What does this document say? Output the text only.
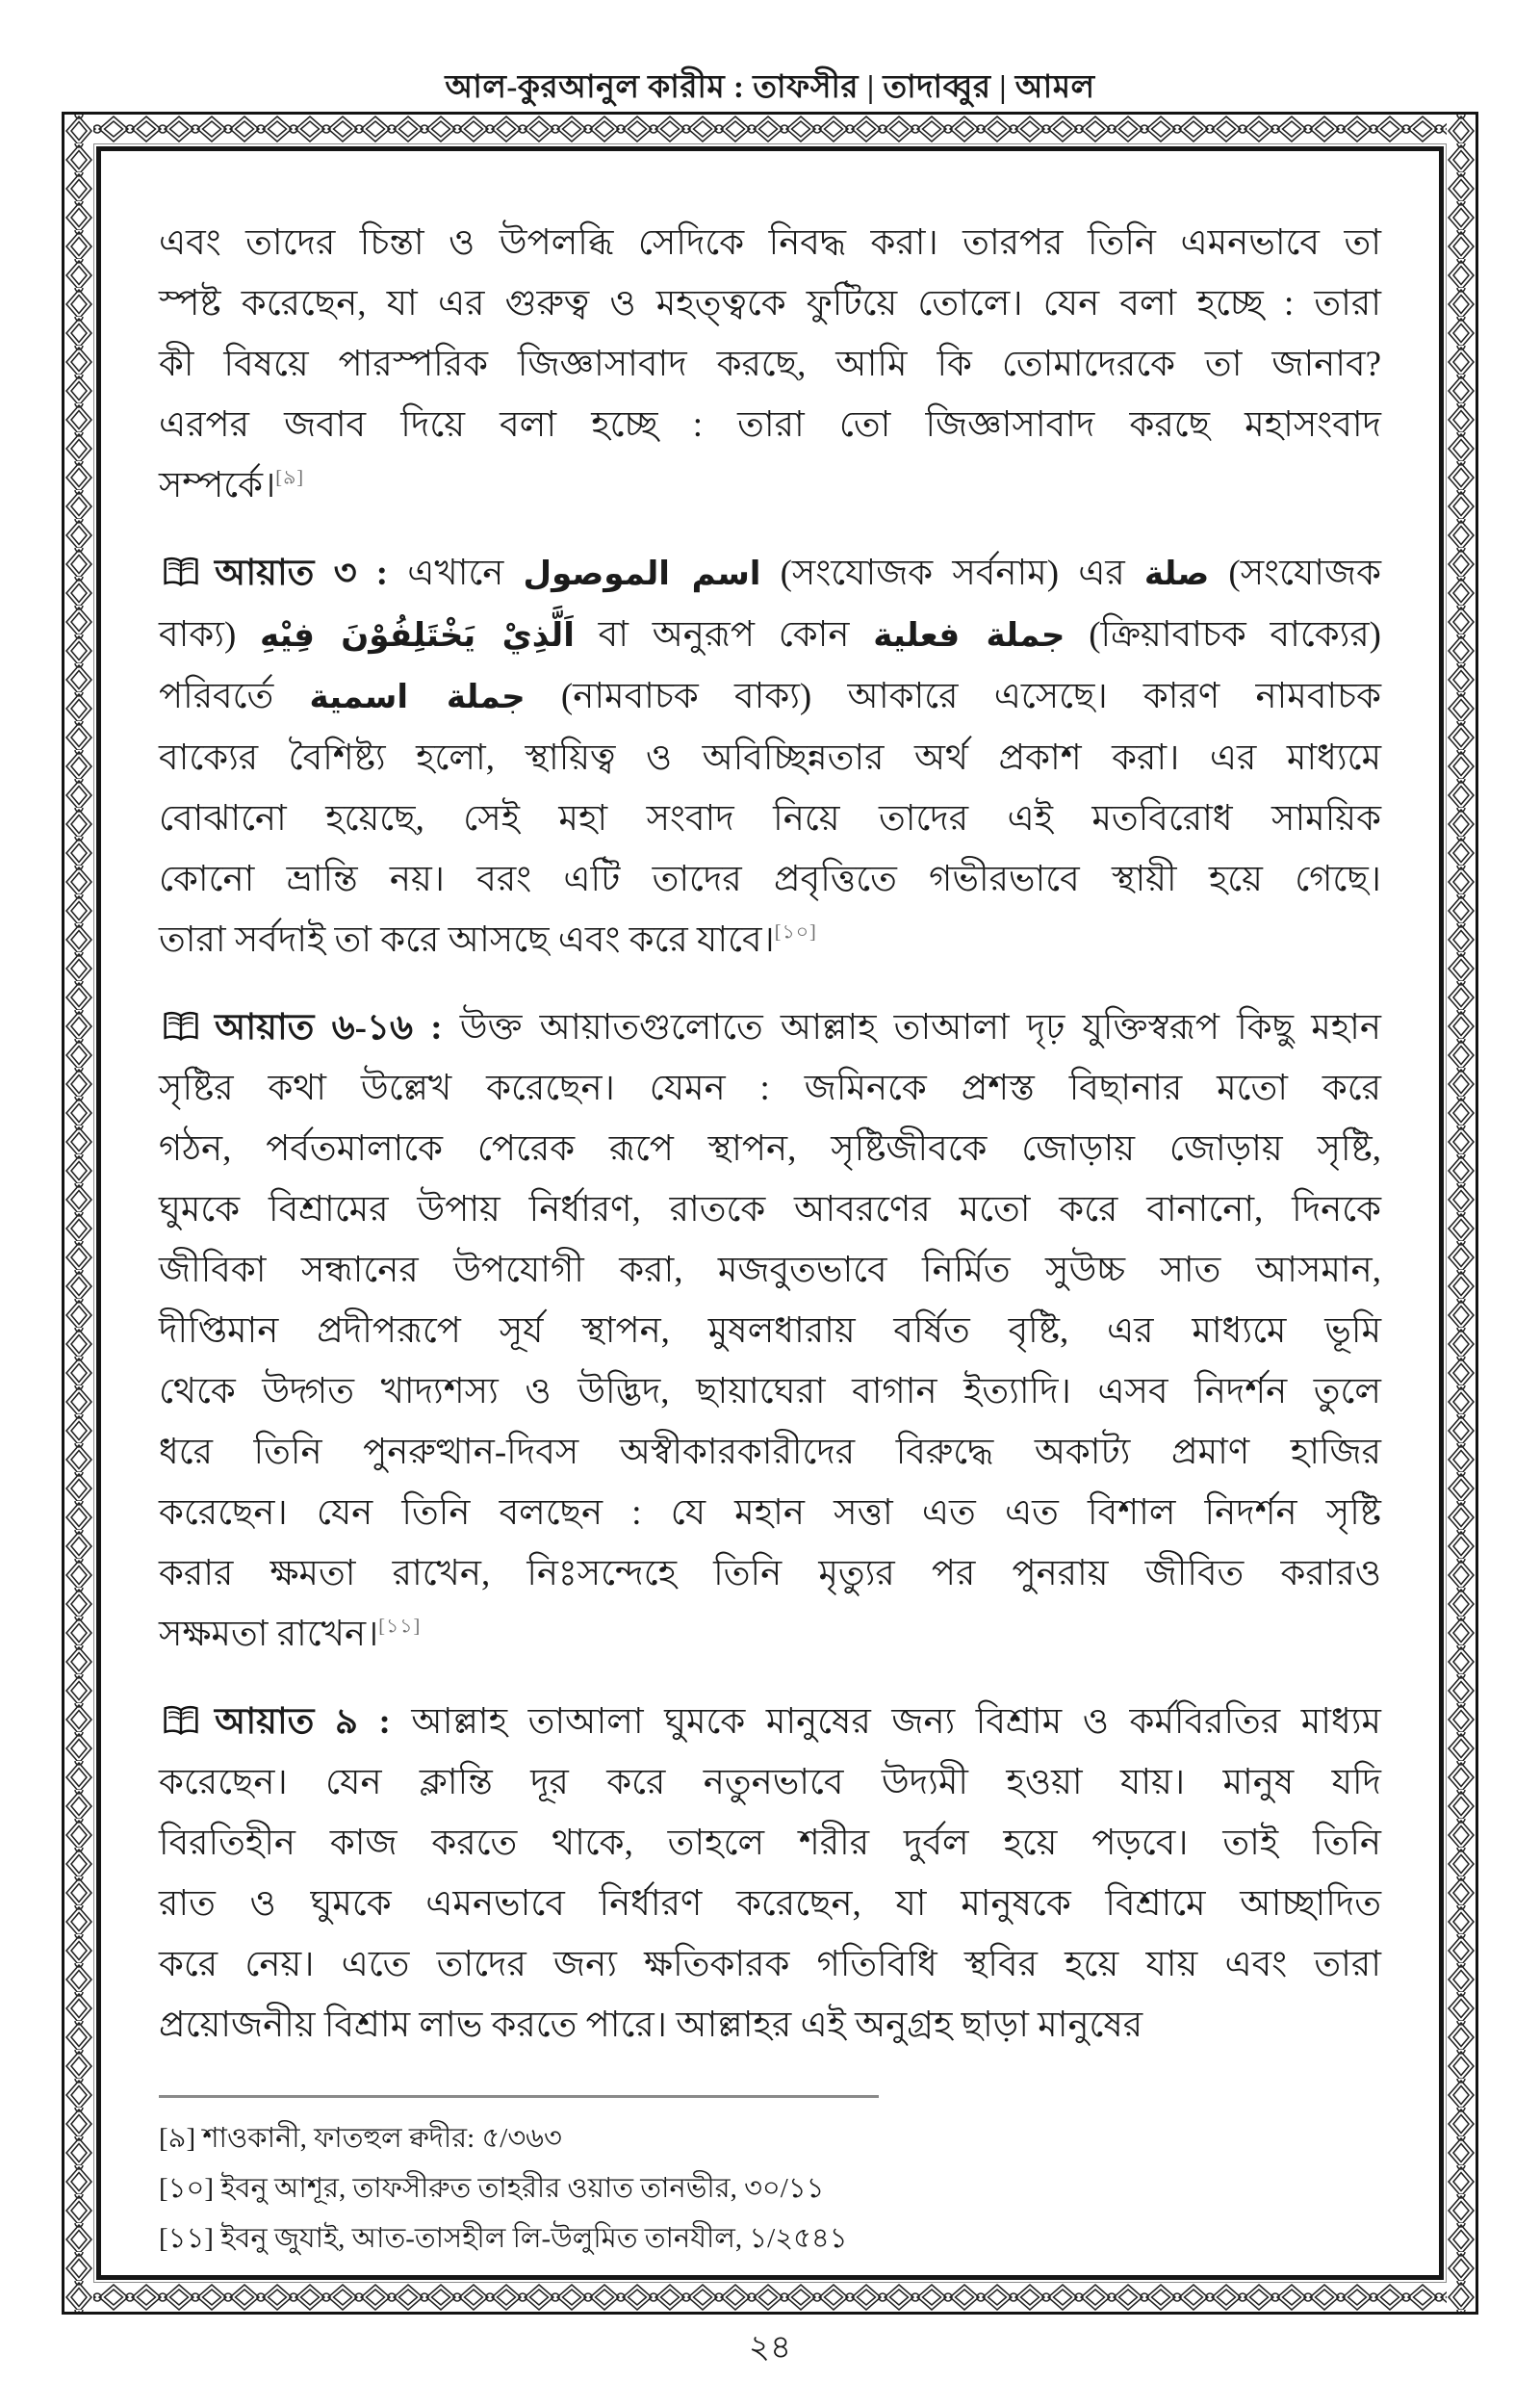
আল-কুরআনুল কারীম : তাফসীর | তাদাব্বুর | আমল
এবং তাদের চিন্তা ও উপলব্ধি সেদিকে নিবদ্ধ করা। তারপর তিনি এমনভাবে তা
স্পষ্ট করেছেন, যা এর গুরুত্ব ও মহত্ত্বকে ফুটিয়ে তোলে। যেন বলা হচ্ছে : তারা
কী বিষয়ে পারস্পরিক জিজ্ঞাসাবাদ করছে, আমি কি তোমাদেরকে তা জানাব?
এরপর জবাব দিয়ে বলা হচ্ছে : তারা তো জিজ্ঞাসাবাদ করছে মহাসংবাদ
সম্পর্কে।[৯]
আয়াত ৩ : এখানে اسم الموصول (সংযোজক সর্বনাম) এর صلة (সংযোজক
বাক্য) اَلَّذِيْ يَخْتَلِفُوْنَ فِيْهِ বা অনুরূপ কোন جملة فعلية (ক্রিয়াবাচক বাক্যের)
পরিবর্তে جملة اسمية (নামবাচক বাক্য) আকারে এসেছে। কারণ নামবাচক
বাক্যের বৈশিষ্ট্য হলো, স্থায়িত্ব ও অবিচ্ছিন্নতার অর্থ প্রকাশ করা। এর মাধ্যমে
বোঝানো হয়েছে, সেই মহা সংবাদ নিয়ে তাদের এই মতবিরোধ সাময়িক
কোনো ভ্রান্তি নয়। বরং এটি তাদের প্রবৃত্তিতে গভীরভাবে স্থায়ী হয়ে গেছে।
তারা সর্বদাই তা করে আসছে এবং করে যাবে।[১০]
আয়াত ৬-১৬ : উক্ত আয়াতগুলোতে আল্লাহ তাআলা দৃঢ় যুক্তিস্বরূপ কিছু মহান
সৃষ্টির কথা উল্লেখ করেছেন। যেমন : জমিনকে প্রশস্ত বিছানার মতো করে
গঠন, পর্বতমালাকে পেরেক রূপে স্থাপন, সৃষ্টিজীবকে জোড়ায় জোড়ায় সৃষ্টি,
ঘুমকে বিশ্রামের উপায় নির্ধারণ, রাতকে আবরণের মতো করে বানানো, দিনকে
জীবিকা সন্ধানের উপযোগী করা, মজবুতভাবে নির্মিত সুউচ্চ সাত আসমান,
দীপ্তিমান প্রদীপরূপে সূর্য স্থাপন, মুষলধারায় বর্ষিত বৃষ্টি, এর মাধ্যমে ভূমি
থেকে উদ্গত খাদ্যশস্য ও উদ্ভিদ, ছায়াঘেরা বাগান ইত্যাদি। এসব নিদর্শন তুলে
ধরে তিনি পুনরুত্থান-দিবস অস্বীকারকারীদের বিরুদ্ধে অকাট্য প্রমাণ হাজির
করেছেন। যেন তিনি বলছেন : যে মহান সত্তা এত এত বিশাল নিদর্শন সৃষ্টি
করার ক্ষমতা রাখেন, নিঃসন্দেহে তিনি মৃত্যুর পর পুনরায় জীবিত করারও
সক্ষমতা রাখেন।[১১]
আয়াত ৯ : আল্লাহ তাআলা ঘুমকে মানুষের জন্য বিশ্রাম ও কর্মবিরতির মাধ্যম
করেছেন। যেন ক্লান্তি দূর করে নতুনভাবে উদ্যমী হওয়া যায়। মানুষ যদি
বিরতিহীন কাজ করতে থাকে, তাহলে শরীর দুর্বল হয়ে পড়বে। তাই তিনি
রাত ও ঘুমকে এমনভাবে নির্ধারণ করেছেন, যা মানুষকে বিশ্রামে আচ্ছাদিত
করে নেয়। এতে তাদের জন্য ক্ষতিকারক গতিবিধি স্থবির হয়ে যায় এবং তারা
প্রয়োজনীয় বিশ্রাম লাভ করতে পারে। আল্লাহর এই অনুগ্রহ ছাড়া মানুষের
[৯] শাওকানী, ফাতহুল ক্বদীর: ৫/৩৬৩
[১০] ইবনু আশূর, তাফসীরুত তাহরীর ওয়াত তানভীর, ৩০/১১
[১১] ইবনু জুযাই, আত-তাসহীল লি-উলুমিত তানযীল, ১/২৫৪১
২৪
